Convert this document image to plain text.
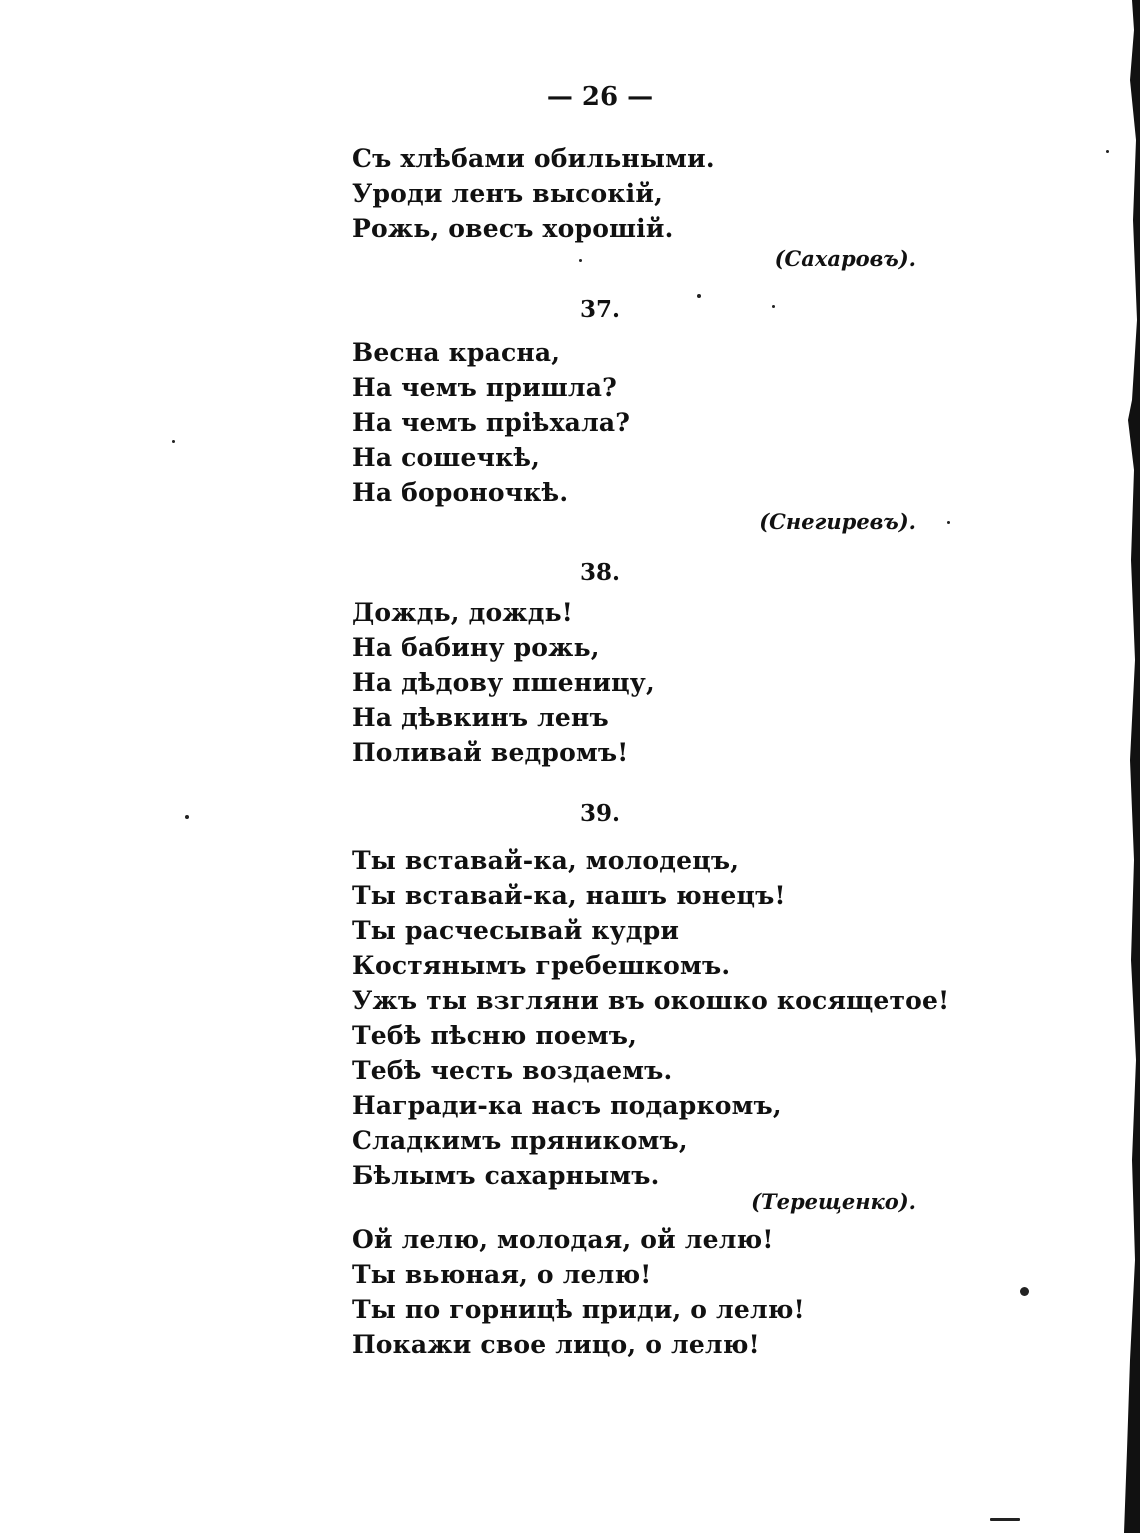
— 26 —
Съ хлѣбами обильными.
Уроди ленъ высокій,
Рожь, овесъ хорошій.
(Сахаровъ).
37.
Весна красна,
На чемъ пришла?
На чемъ пріѣхала?
На сошечкѣ,
На бороночкѣ.
(Снегиревъ).
38.
Дождь, дождь!
На бабину рожь,
На дѣдову пшеницу,
На дѣвкинъ ленъ
Поливай ведромъ!
39.
Ты вставай-ка, молодецъ,
Ты вставай-ка, нашъ юнецъ!
Ты расчесывай кудри
Костянымъ гребешкомъ.
Ужъ ты взгляни въ окошко косящетое!
Тебѣ пѣсню поемъ,
Тебѣ честь воздаемъ.
Награди-ка насъ подаркомъ,
Сладкимъ пряникомъ,
Бѣлымъ сахарнымъ.
(Терещенко).
Ой лелю, молодая, ой лелю!
Ты вьюная, о лелю!
Ты по горницѣ приди, о лелю!
Покажи свое лицо, о лелю!
